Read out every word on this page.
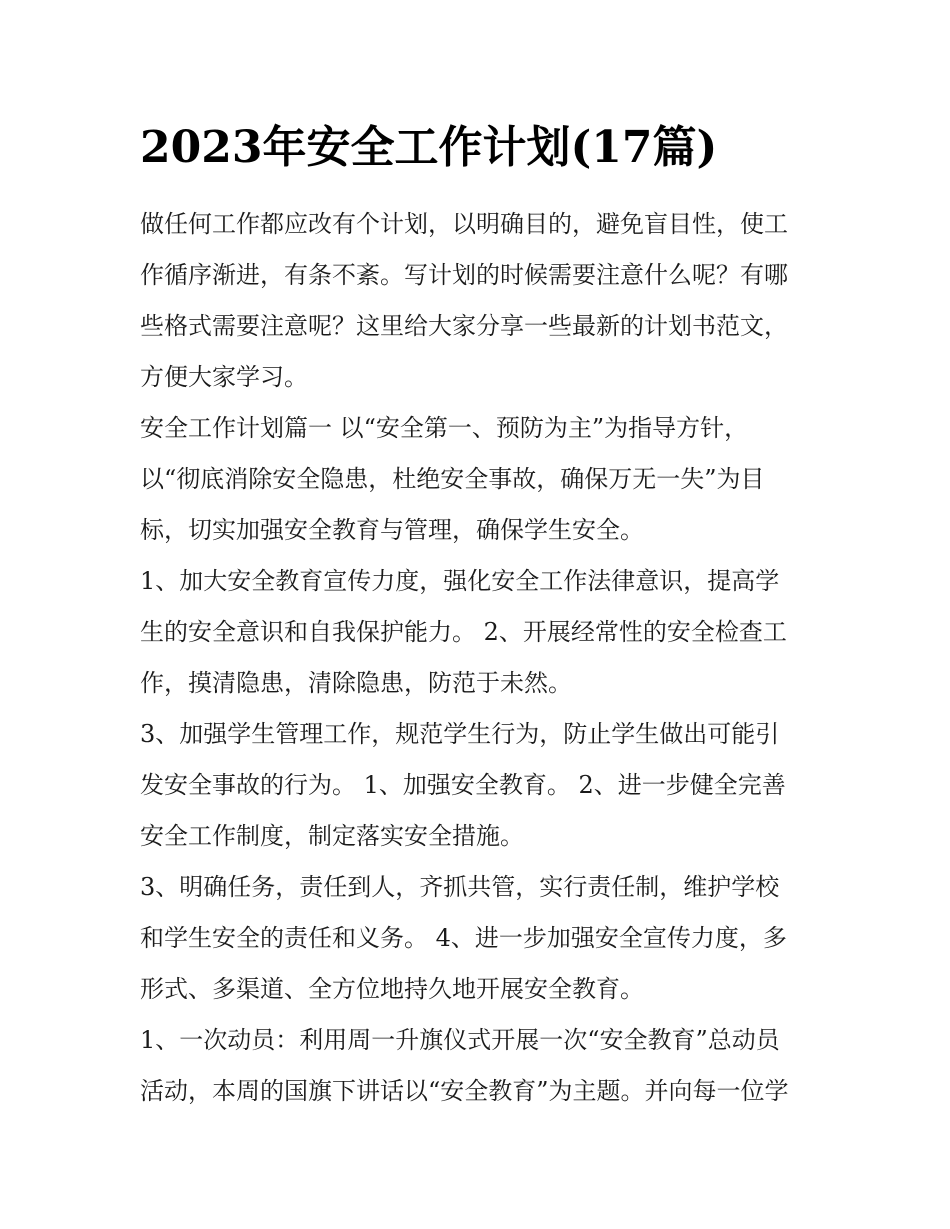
2023年安全工作计划(17篇)

做任何工作都应改有个计划，以明确目的，避免盲目性，使工

作循序渐进，有条不紊。写计划的时候需要注意什么呢？有哪

些格式需要注意呢？这里给大家分享一些最新的计划书范文，

方便大家学习。

安全工作计划篇一 以“安全第一、预防为主”为指导方针，

以“彻底消除安全隐患，杜绝安全事故，确保万无一失”为目

标，切实加强安全教育与管理，确保学生安全。

1、加大安全教育宣传力度，强化安全工作法律意识，提高学

生的安全意识和自我保护能力。 2、开展经常性的安全检查工

作，摸清隐患，清除隐患，防范于未然。

3、加强学生管理工作，规范学生行为，防止学生做出可能引

发安全事故的行为。 1、加强安全教育。 2、进一步健全完善

安全工作制度，制定落实安全措施。

3、明确任务，责任到人，齐抓共管，实行责任制，维护学校

和学生安全的责任和义务。 4、进一步加强安全宣传力度，多

形式、多渠道、全方位地持久地开展安全教育。

1、一次动员：利用周一升旗仪式开展一次“安全教育”总动员

活动，本周的国旗下讲话以“安全教育”为主题。并向每一位学
